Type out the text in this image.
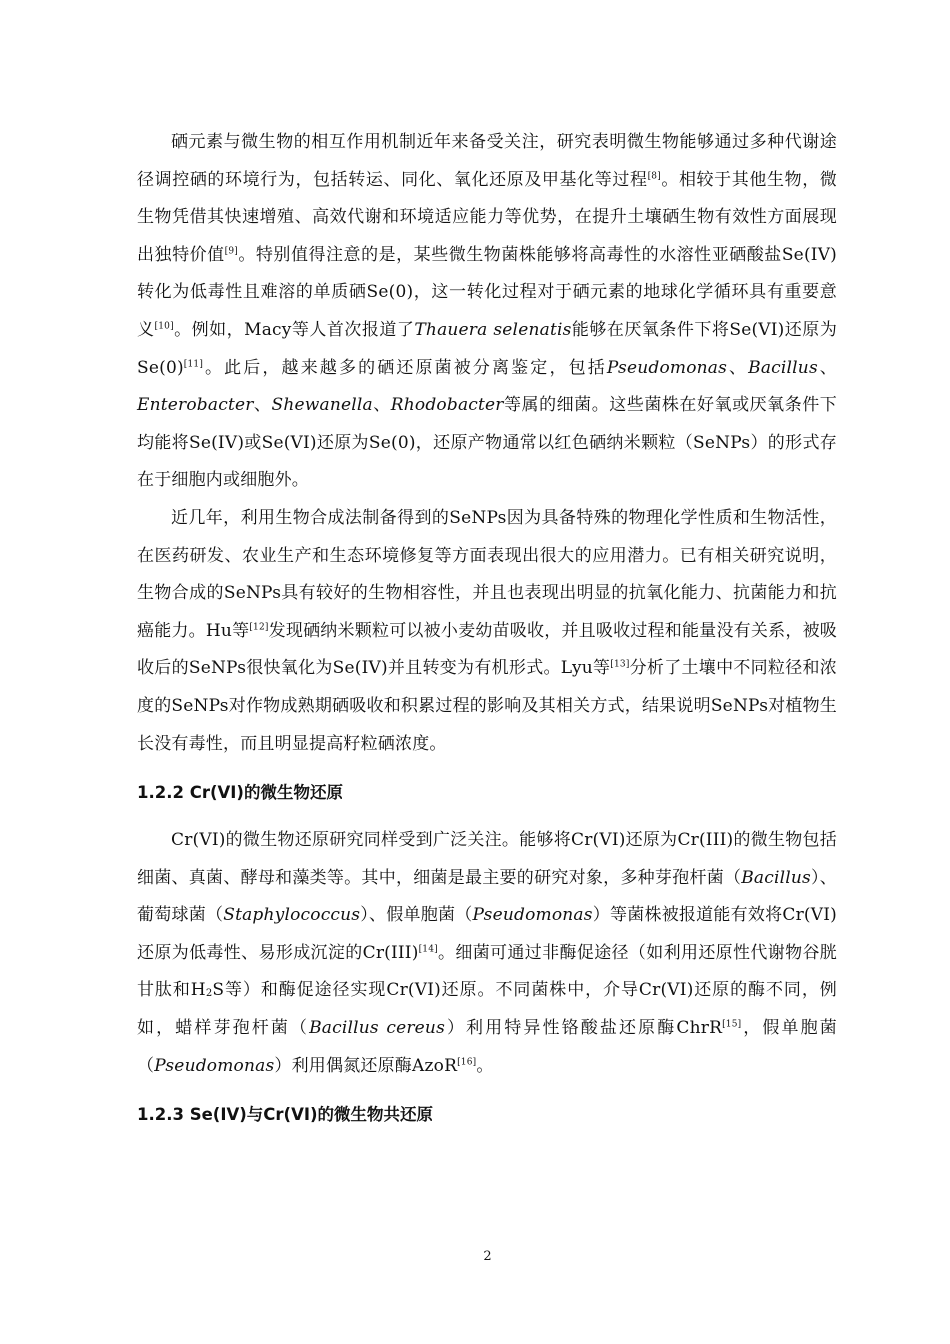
硒元素与微生物的相互作用机制近年来备受关注，研究表明微生物能够通过多种代谢途径调控硒的环境行为，包括转运、同化、氧化还原及甲基化等过程[8]。相较于其他生物，微生物凭借其快速增殖、高效代谢和环境适应能力等优势，在提升土壤硒生物有效性方面展现出独特价值[9]。特别值得注意的是，某些微生物菌株能够将高毒性的水溶性亚硒酸盐Se(IV)转化为低毒性且难溶的单质硒Se(0)，这一转化过程对于硒元素的地球化学循环具有重要意义[10]。例如，Macy等人首次报道了Thauera selenatis能够在厌氧条件下将Se(VI)还原为Se(0)[11]。此后，越来越多的硒还原菌被分离鉴定，包括Pseudomonas、Bacillus、Enterobacter、Shewanella、Rhodobacter等属的细菌。这些菌株在好氧或厌氧条件下均能将Se(IV)或Se(VI)还原为Se(0)，还原产物通常以红色硒纳米颗粒（SeNPs）的形式存在于细胞内或细胞外。

近几年，利用生物合成法制备得到的SeNPs因为具备特殊的物理化学性质和生物活性，在医药研发、农业生产和生态环境修复等方面表现出很大的应用潜力。已有相关研究说明，生物合成的SeNPs具有较好的生物相容性，并且也表现出明显的抗氧化能力、抗菌能力和抗癌能力。Hu等[12]发现硒纳米颗粒可以被小麦幼苗吸收，并且吸收过程和能量没有关系，被吸收后的SeNPs很快氧化为Se(IV)并且转变为有机形式。Lyu等[13]分析了土壤中不同粒径和浓度的SeNPs对作物成熟期硒吸收和积累过程的影响及其相关方式，结果说明SeNPs对植物生长没有毒性，而且明显提高籽粒硒浓度。

1.2.2 Cr(VI)的微生物还原

Cr(VI)的微生物还原研究同样受到广泛关注。能够将Cr(VI)还原为Cr(III)的微生物包括细菌、真菌、酵母和藻类等。其中，细菌是最主要的研究对象，多种芽孢杆菌（Bacillus）、葡萄球菌（Staphylococcus）、假单胞菌（Pseudomonas）等菌株被报道能有效将Cr(VI)还原为低毒性、易形成沉淀的Cr(III)[14]。细菌可通过非酶促途径（如利用还原性代谢物谷胱甘肽和$H_2S$等）和酶促途径实现Cr(VI)还原。不同菌株中，介导Cr(VI)还原的酶不同，例如，蜡样芽孢杆菌（Bacillus cereus）利用特异性铬酸盐还原酶ChrR[15]，假单胞菌（Pseudomonas）利用偶氮还原酶AzoR[16]。

1.2.3 Se(IV)与Cr(VI)的微生物共还原
2
